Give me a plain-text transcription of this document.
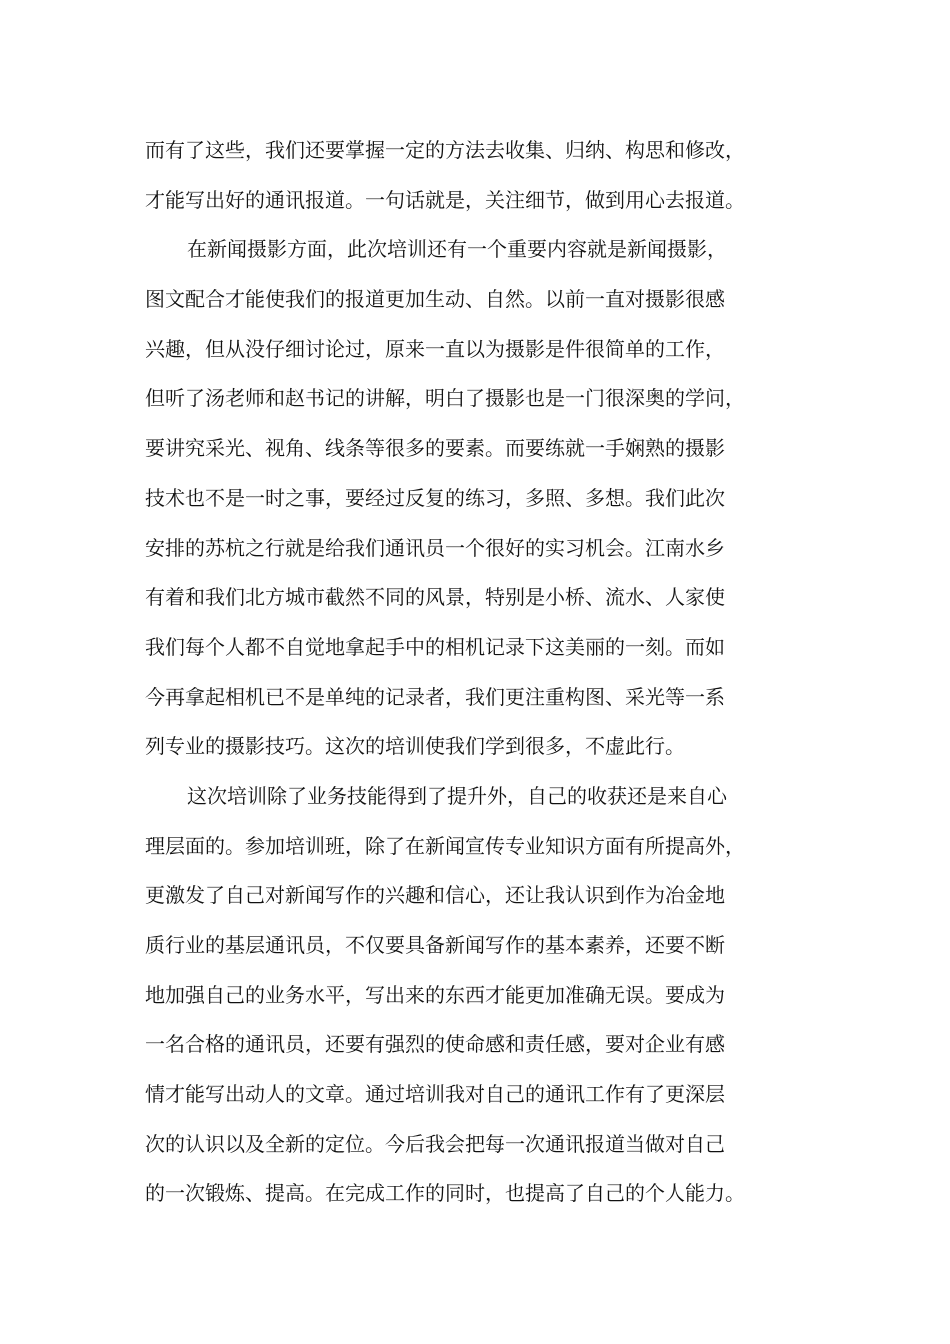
而有了这些，我们还要掌握一定的方法去收集、归纳、构思和修改，
才能写出好的通讯报道。一句话就是，关注细节，做到用心去报道。
在新闻摄影方面，此次培训还有一个重要内容就是新闻摄影，
图文配合才能使我们的报道更加生动、自然。以前一直对摄影很感
兴趣，但从没仔细讨论过，原来一直以为摄影是件很简单的工作，
但听了汤老师和赵书记的讲解，明白了摄影也是一门很深奥的学问，
要讲究采光、视角、线条等很多的要素。而要练就一手娴熟的摄影
技术也不是一时之事，要经过反复的练习，多照、多想。我们此次
安排的苏杭之行就是给我们通讯员一个很好的实习机会。江南水乡
有着和我们北方城市截然不同的风景，特别是小桥、流水、人家使
我们每个人都不自觉地拿起手中的相机记录下这美丽的一刻。而如
今再拿起相机已不是单纯的记录者，我们更注重构图、采光等一系
列专业的摄影技巧。这次的培训使我们学到很多，不虚此行。
这次培训除了业务技能得到了提升外，自己的收获还是来自心
理层面的。参加培训班，除了在新闻宣传专业知识方面有所提高外，
更激发了自己对新闻写作的兴趣和信心，还让我认识到作为冶金地
质行业的基层通讯员，不仅要具备新闻写作的基本素养，还要不断
地加强自己的业务水平，写出来的东西才能更加准确无误。要成为
一名合格的通讯员，还要有强烈的使命感和责任感，要对企业有感
情才能写出动人的文章。通过培训我对自己的通讯工作有了更深层
次的认识以及全新的定位。今后我会把每一次通讯报道当做对自己
的一次锻炼、提高。在完成工作的同时，也提高了自己的个人能力。
